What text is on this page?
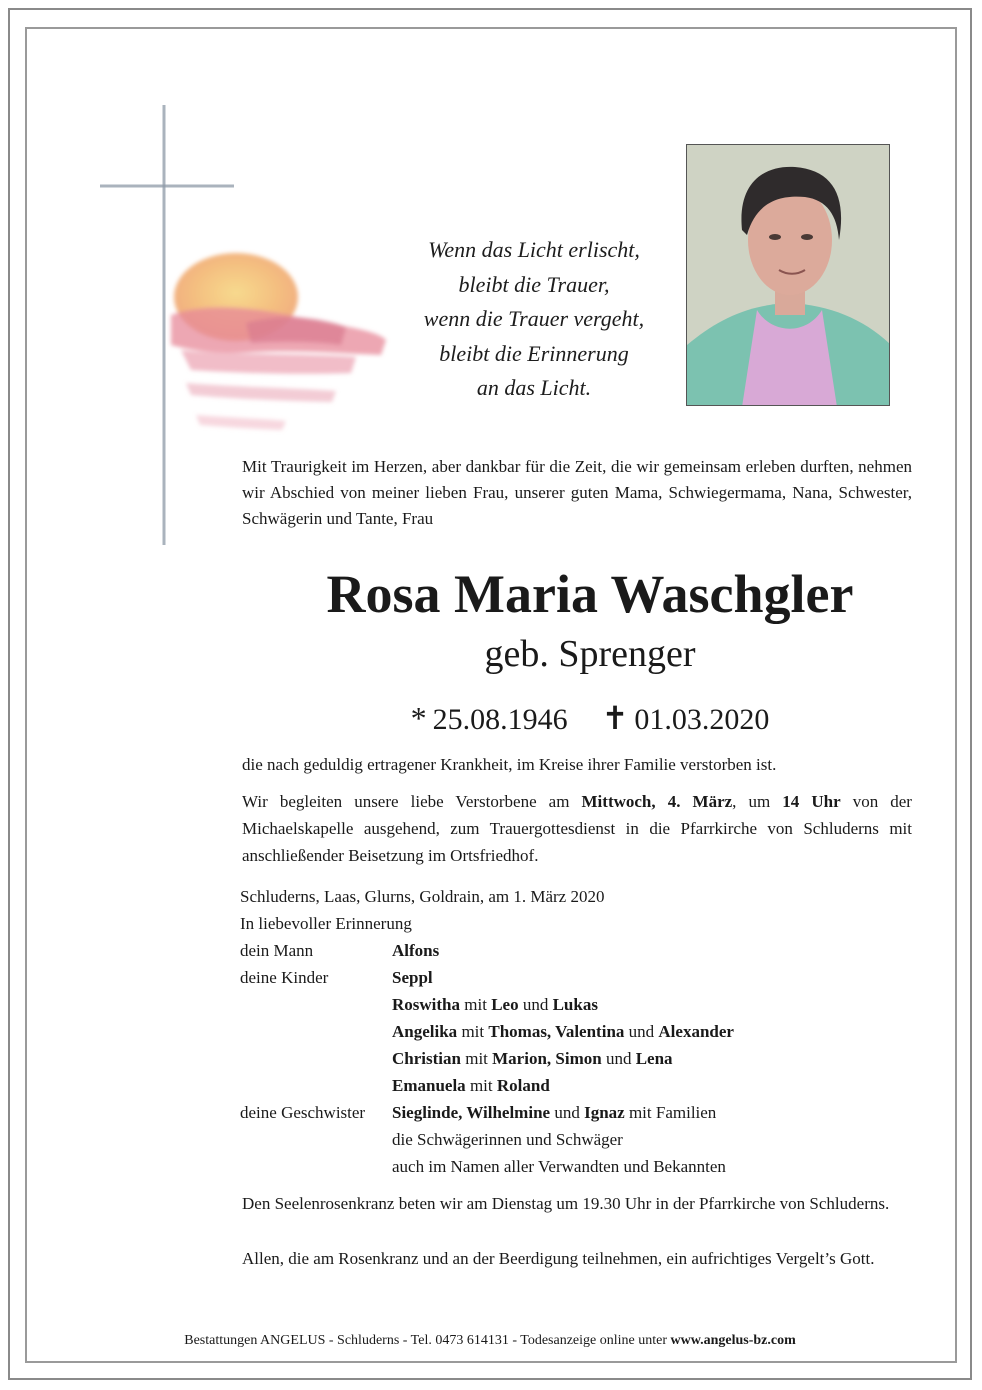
Wenn das Licht erlischt,
bleibt die Trauer,
wenn die Trauer vergeht,
bleibt die Erinnerung
an das Licht.

Mit Traurigkeit im Herzen, aber dankbar für die Zeit, die wir gemeinsam erleben durften, nehmen wir Abschied von meiner lieben Frau, unserer guten Mama, Schwiegermama, Nana, Schwester, Schwägerin und Tante, Frau

Rosa Maria Waschgler
geb. Sprenger
* 25.08.1946 ✝ 01.03.2020

die nach geduldig ertragener Krankheit, im Kreise ihrer Familie verstorben ist.

Wir begleiten unsere liebe Verstorbene am Mittwoch, 4. März, um 14 Uhr von der Michaelskapelle ausgehend, zum Trauergottesdienst in die Pfarrkirche von Schluderns mit anschließender Beisetzung im Ortsfriedhof.

Schluderns, Laas, Glurns, Goldrain, am 1. März 2020
In liebevoller Erinnerung
dein Mann	Alfons
deine Kinder	Seppl
Roswitha mit Leo und Lukas
Angelika mit Thomas, Valentina und Alexander
Christian mit Marion, Simon und Lena
Emanuela mit Roland
deine Geschwister Sieglinde, Wilhelmine und Ignaz mit Familien
die Schwägerinnen und Schwäger
auch im Namen aller Verwandten und Bekannten

Den Seelenrosenkranz beten wir am Dienstag um 19.30 Uhr in der Pfarrkirche von Schluderns.

Allen, die am Rosenkranz und an der Beerdigung teilnehmen, ein aufrichtiges Vergelt’s Gott.

Bestattungen ANGELUS - Schluderns - Tel. 0473 614131 - Todesanzeige online unter www.angelus-bz.com
